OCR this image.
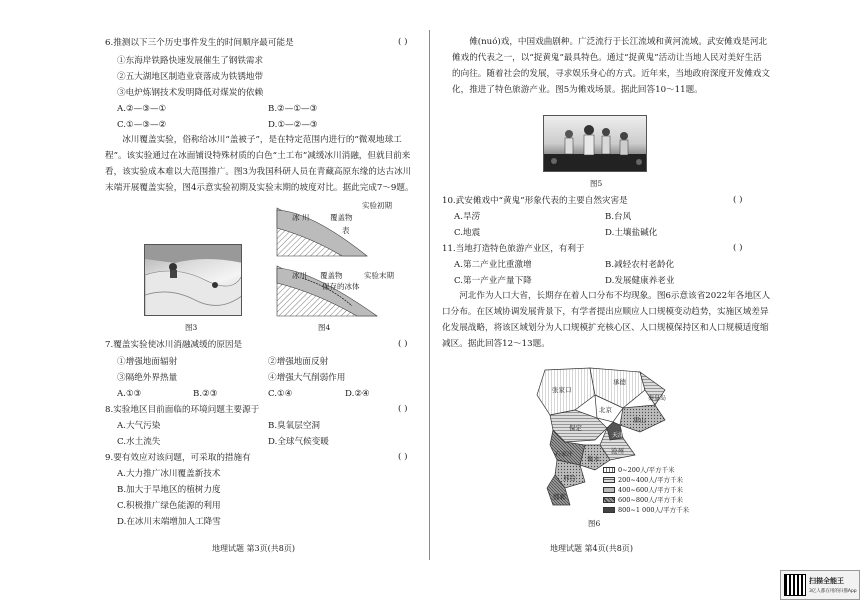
6.推测以下三个历史事件发生的时间顺序最可能是	( )
①东海岸铁路快速发展催生了钢铁需求
②五大湖地区制造业衰落成为铁锈地带
③电炉炼钢技术发明降低对煤炭的依赖
A.②—③—①	B.②—①—③
C.①—③—②	D.①—②—③
冰川覆盖实验，俗称给冰川“盖被子”，是在特定范围内进行的“微观地球工程”。该实验通过在冰面铺设特殊材质的白色“土工布”减缓冰川消融，但就目前来看，该实验成本难以大范围推广。图3为我国科研人员在青藏高原东缘的达古冰川末端开展覆盖实验，图4示意实验初期及实验末期的坡度对比。据此完成7～9题。
图3
实验初期
冰 川	覆盖物
表
实验末期
冰川 覆盖物
保存的冰体
图4
7.覆盖实验使冰川消融减缓的原因是	( )
①增强地面辐射	②增强地面反射
③隔绝外界热量	④增强大气削弱作用
A.①③	B.②③	C.①④	D.②④
8.实验地区目前面临的环境问题主要源于	( )
A.大气污染	B.臭氧层空洞
C.水土流失	D.全球气候变暖
9.要有效应对该问题，可采取的措施有	( )
A.大力推广冰川覆盖新技术
B.加大于旱地区的植树力度
C.积极推广绿色能源的利用
D.在冰川末端增加人工降雪
地理试题 第3页(共8页)
傩(nuó)戏，中国戏曲剧种。广泛流行于长江流域和黄河流域。武安傩戏是河北傩戏的代表之一，以“捉黄鬼”最具特色。通过“捉黄鬼”活动让当地人民对美好生活的向往。随着社会的发展，寻求娱乐身心的方式。近年来，当地政府深度开发傩戏文化，推进了特色旅游产业。图5为傩戏场景。据此回答10～11题。
图5
10.武安傩戏中“黄鬼”形象代表的主要自然灾害是	( )
A.旱涝	B.台风
C.地震	D.土壤盐碱化
11.当地打造特色旅游产业区，有利于	( )
A.第二产业比重激增	B.减轻农村老龄化
C.第一产业产量下降	D.发展健康养老业
河北作为人口大省，长期存在着人口分布不均现象。图6示意该省2022年各地区人口分布。在区域协调发展背景下，有学者提出应顺应人口规模变动趋势，实施区域差异化发展战略，将该区域划分为人口规模扩充核心区、人口规模保持区和人口规模适度缩减区。据此回答12～13题。
张家口
承德
北京
秦皇岛
唐山
天津
保定
沧州
石家庄
衡水
邢台
邯郸
0~200人/平方千米
200~400人/平方千米
400~600人/平方千米
600~800人/平方千米
800~1 000人/平方千米
图6
地理试题 第4页(共8页)
扫描全能王
3亿人都在用的扫描App
